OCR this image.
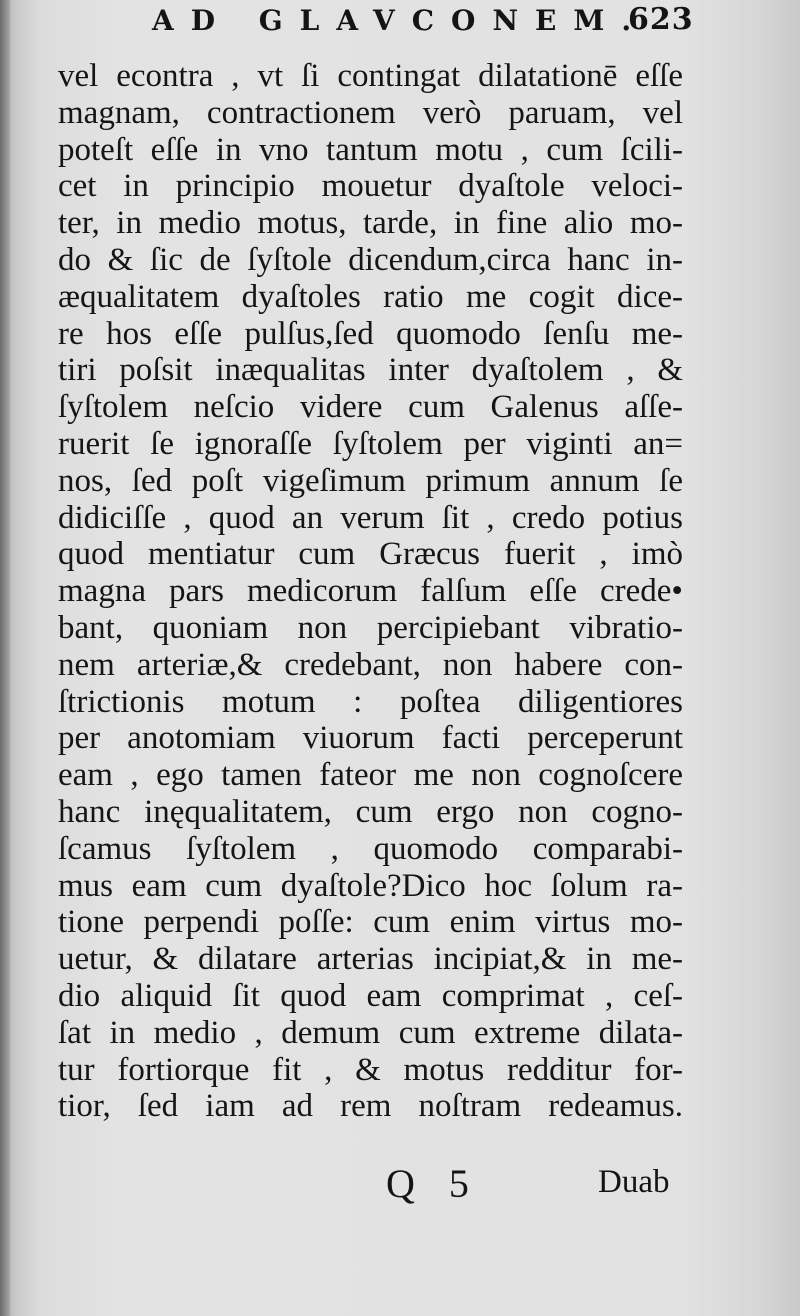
AD GLAVCONEM.
623
vel econtra , vt ſi contingat dilatationē eſſe
magnam, contractionem verò paruam, vel
poteſt eſſe in vno tantum motu , cum ſcili-
cet in principio mouetur dyaſtole veloci-
ter, in medio motus, tarde, in fine alio mo-
do & ſic de ſyſtole dicendum,circa hanc in-
æqualitatem dyaſtoles ratio me cogit dice-
re hos eſſe pulſus,ſed quomodo ſenſu me-
tiri poſsit inæqualitas inter dyaſtolem , &
ſyſtolem neſcio videre cum Galenus aſſe-
ruerit ſe ignoraſſe ſyſtolem per viginti an=
nos, ſed poſt vigeſimum primum annum ſe
didiciſſe , quod an verum ſit , credo potius
quod mentiatur cum Græcus fuerit , imò
magna pars medicorum falſum eſſe crede•
bant, quoniam non percipiebant vibratio-
nem arteriæ,& credebant, non habere con-
ſtrictionis motum : poſtea diligentiores
per anotomiam viuorum facti perceperunt
eam , ego tamen fateor me non cognoſcere
hanc inęqualitatem, cum ergo non cogno-
ſcamus ſyſtolem , quomodo comparabi-
mus eam cum dyaſtole?Dico hoc ſolum ra-
tione perpendi poſſe: cum enim virtus mo-
uetur, & dilatare arterias incipiat,& in me-
dio aliquid ſit quod eam comprimat , ceſ-
ſat in medio , demum cum extreme dilata-
tur fortiorque fit , & motus redditur for-
tior, ſed iam ad rem noſtram redeamus.
Q 5	Duab
